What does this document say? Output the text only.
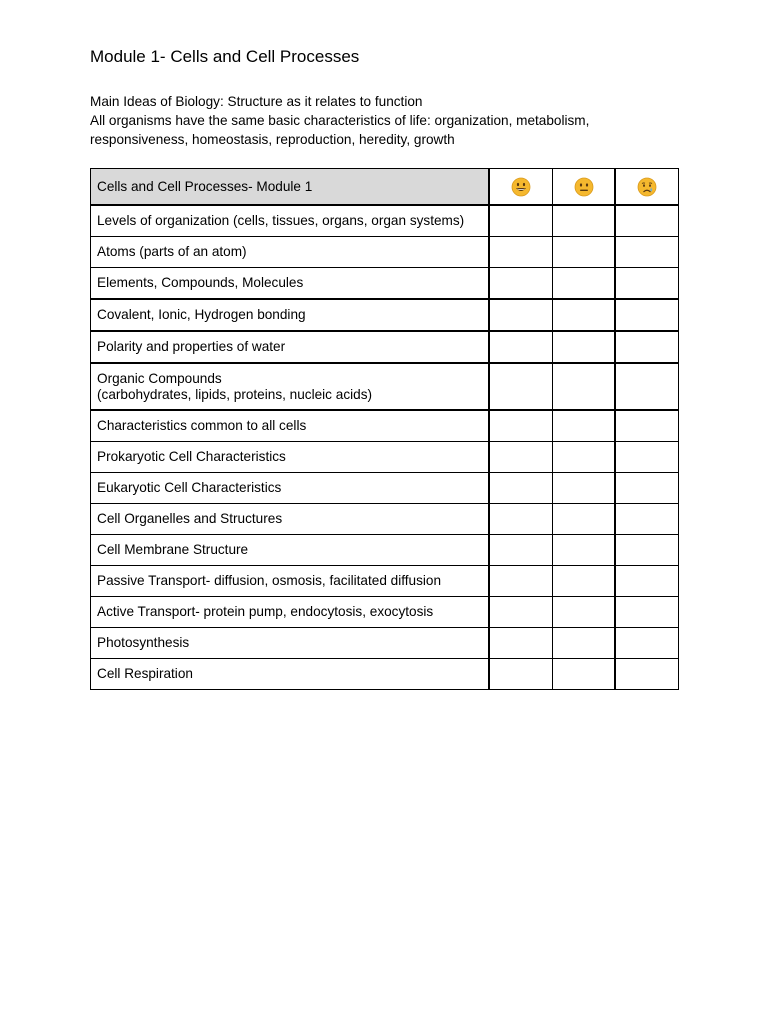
Module 1- Cells and Cell Processes

Main Ideas of Biology: Structure as it relates to function

All organisms have the same basic characteristics of life: organization, metabolism, responsiveness, homeostasis, reproduction, heredity, growth

Cells and Cell Processes- Module 1			
Levels of organization (cells, tissues, organs, organ systems)			
Atoms (parts of an atom)			
Elements, Compounds, Molecules			
Covalent, Ionic, Hydrogen bonding			
Polarity and properties of water			

Organic Compounds
(carbohydrates, lipids, proteins, nucleic acids)			

Characteristics common to all cells			
Prokaryotic Cell Characteristics			
Eukaryotic Cell Characteristics			
Cell Organelles and Structures			
Cell Membrane Structure			
Passive Transport- diffusion, osmosis, facilitated diffusion			
Active Transport- protein pump, endocytosis, exocytosis			
Photosynthesis			
Cell Respiration			
